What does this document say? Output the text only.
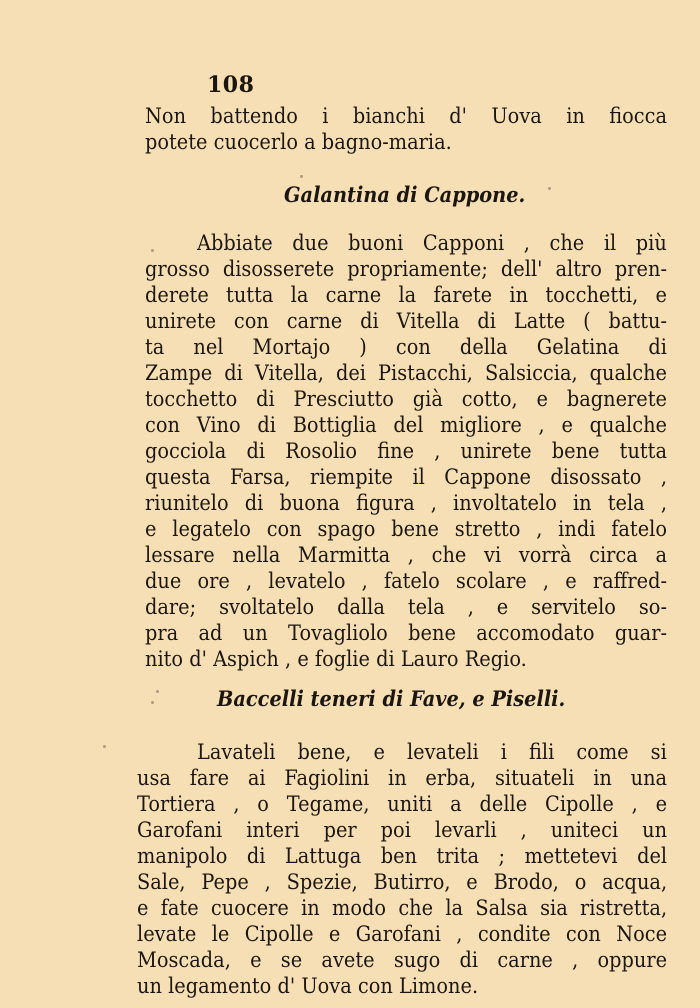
108
Non battendo i bianchi d' Uova in fiocca
potete cuocerlo a bagno-maria.
Galantina di Cappone.
Abbiate due buoni Capponi , che il più
grosso disosserete propriamente; dell' altro pren-
derete tutta la carne la farete in tocchetti, e
unirete con carne di Vitella di Latte ( battu-
ta nel Mortajo ) con della Gelatina di
Zampe di Vitella, dei Pistacchi, Salsiccia, qualche
tocchetto di Presciutto già cotto, e bagnerete
con Vino di Bottiglia del migliore , e qualche
gocciola di Rosolio fine , unirete bene tutta
questa Farsa, riempite il Cappone disossato ,
riunitelo di buona figura , involtatelo in tela ,
e legatelo con spago bene stretto , indi fatelo
lessare nella Marmitta , che vi vorrà circa a
due ore , levatelo , fatelo scolare , e raffred-
dare; svoltatelo dalla tela , e servitelo so-
pra ad un Tovagliolo bene accomodato guar-
nito d' Aspich , e foglie di Lauro Regio.
Baccelli teneri di Fave, e Piselli.
Lavateli bene, e levateli i fili come si
usa fare ai Fagiolini in erba, situateli in una
Tortiera , o Tegame, uniti a delle Cipolle , e
Garofani interi per poi levarli , unitеci un
manipolo di Lattuga ben trita ; mettetevi del
Sale, Pepe , Spezie, Butirro, e Brodo, o acqua,
e fate cuocere in modo che la Salsa sia ristretta,
levate le Cipolle e Garofani , condite con Noce
Moscada, e se avete sugo di carne , oppure
un legamento d' Uova con Limone.
